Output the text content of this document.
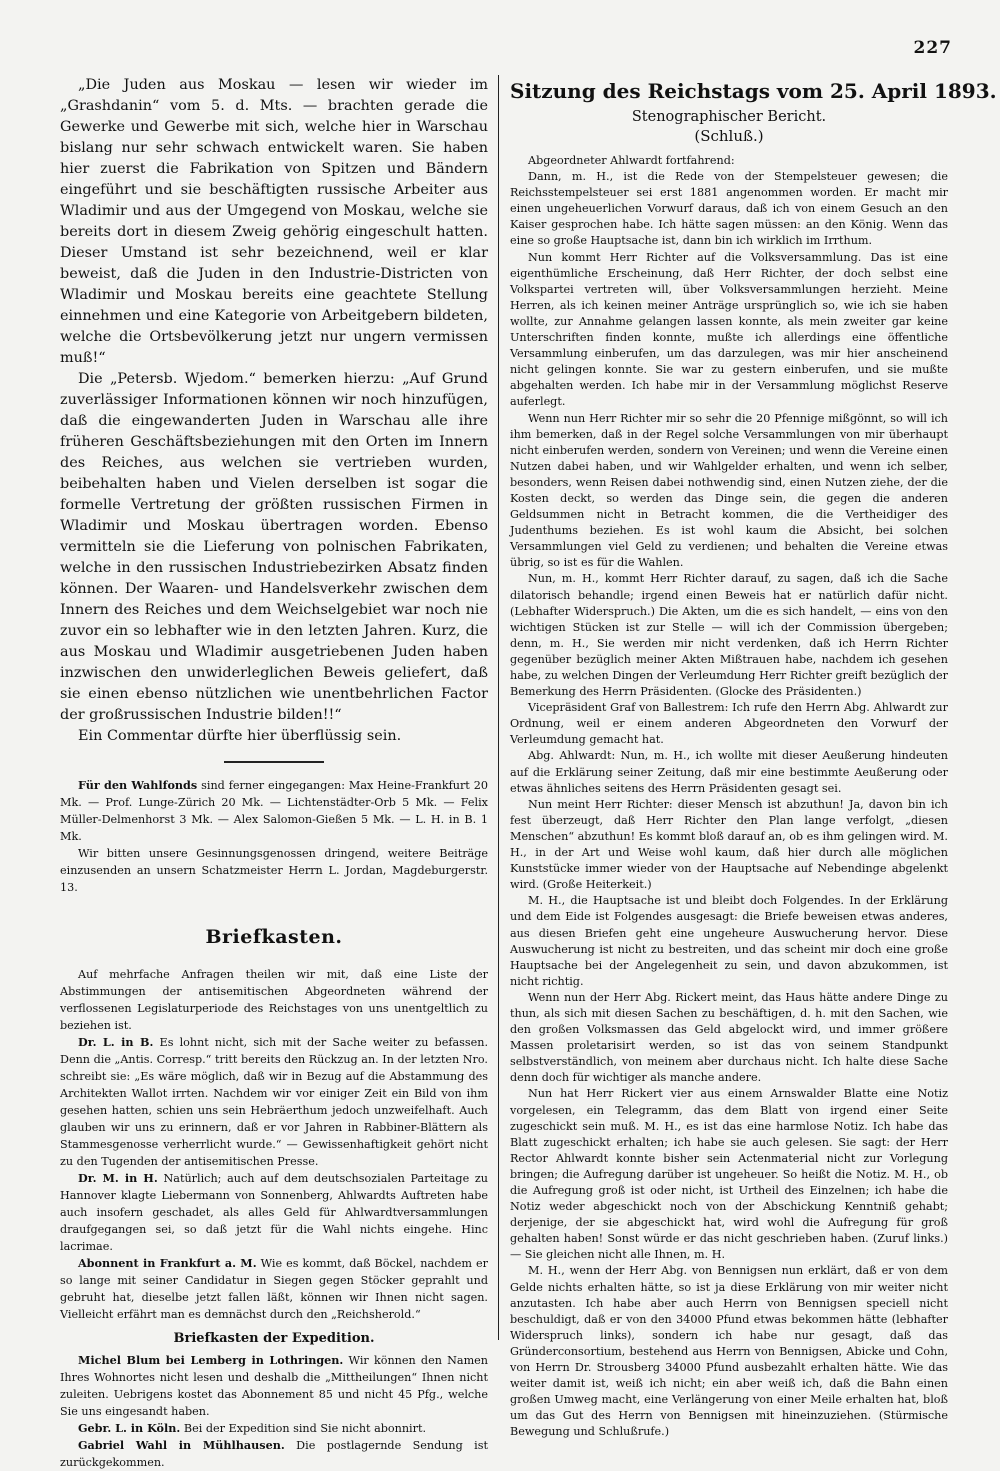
227

„Die Juden aus Moskau — lesen wir wieder im „Grashdanin“ vom 5. d. Mts. — brachten gerade die Gewerke und Gewerbe mit sich, welche hier in Warschau bislang nur sehr schwach entwickelt waren. Sie haben hier zuerst die Fabrikation von Spitzen und Bändern eingeführt und sie beschäftigten russische Arbeiter aus Wladimir und aus der Umgegend von Moskau, welche sie bereits dort in diesem Zweig gehörig eingeschult hatten. Dieser Umstand ist sehr bezeichnend, weil er klar beweist, daß die Juden in den Industrie-Districten von Wladimir und Moskau bereits eine geachtete Stellung einnehmen und eine Kategorie von Arbeitgebern bildeten, welche die Ortsbevölkerung jetzt nur ungern vermissen muß!“

Die „Petersb. Wjedom.“ bemerken hierzu: „Auf Grund zuverlässiger Informationen können wir noch hinzufügen, daß die eingewanderten Juden in Warschau alle ihre früheren Geschäftsbeziehungen mit den Orten im Innern des Reiches, aus welchen sie vertrieben wurden, beibehalten haben und Vielen derselben ist sogar die formelle Vertretung der größten russischen Firmen in Wladimir und Moskau übertragen worden. Ebenso vermitteln sie die Lieferung von polnischen Fabrikaten, welche in den russischen Industriebezirken Absatz finden können. Der Waaren- und Handelsverkehr zwischen dem Innern des Reiches und dem Weichselgebiet war noch nie zuvor ein so lebhafter wie in den letzten Jahren. Kurz, die aus Moskau und Wladimir ausgetriebenen Juden haben inzwischen den unwiderleglichen Beweis geliefert, daß sie einen ebenso nützlichen wie unentbehrlichen Factor der großrussischen Industrie bilden!!“

Ein Commentar dürfte hier überflüssig sein.

Für den Wahlfonds sind ferner eingegangen: Max Heine-Frankfurt 20 Mk. — Prof. Lunge-Zürich 20 Mk. — Lichtenstädter-Orb 5 Mk. — Felix Müller-Delmenhorst 3 Mk. — Alex Salomon-Gießen 5 Mk. — L. H. in B. 1 Mk.

Wir bitten unsere Gesinnungsgenossen dringend, weitere Beiträge einzusenden an unsern Schatzmeister Herrn L. Jordan, Magdeburgerstr. 13.

Briefkasten.

Auf mehrfache Anfragen theilen wir mit, daß eine Liste der Abstimmungen der antisemitischen Abgeordneten während der verflossenen Legislaturperiode des Reichstages von uns unentgeltlich zu beziehen ist.

Dr. L. in B. Es lohnt nicht, sich mit der Sache weiter zu befassen. Denn die „Antis. Corresp.“ tritt bereits den Rückzug an. In der letzten Nro. schreibt sie: „Es wäre möglich, daß wir in Bezug auf die Abstammung des Architekten Wallot irrten. Nachdem wir vor einiger Zeit ein Bild von ihm gesehen hatten, schien uns sein Hebräerthum jedoch unzweifelhaft. Auch glauben wir uns zu erinnern, daß er vor Jahren in Rabbiner-Blättern als Stammesgenosse verherrlicht wurde.“ — Gewissenhaftigkeit gehört nicht zu den Tugenden der antisemitischen Presse.

Dr. M. in H. Natürlich; auch auf dem deutschsozialen Parteitage zu Hannover klagte Liebermann von Sonnenberg, Ahlwardts Auftreten habe auch insofern geschadet, als alles Geld für Ahlwardtversammlungen draufgegangen sei, so daß jetzt für die Wahl nichts eingehe. Hinc lacrimae.

Abonnent in Frankfurt a. M. Wie es kommt, daß Böckel, nachdem er so lange mit seiner Candidatur in Siegen gegen Stöcker geprahlt und gebruht hat, dieselbe jetzt fallen läßt, können wir Ihnen nicht sagen. Vielleicht erfährt man es demnächst durch den „Reichsherold.“

Briefkasten der Expedition.

Michel Blum bei Lemberg in Lothringen. Wir können den Namen Ihres Wohnortes nicht lesen und deshalb die „Mittheilungen“ Ihnen nicht zuleiten. Uebrigens kostet das Abonnement 85 und nicht 45 Pfg., welche Sie uns eingesandt haben.

Gebr. L. in Köln. Bei der Expedition sind Sie nicht abonnirt.

Gabriel Wahl in Mühlhausen. Die postlagernde Sendung ist zurückgekommen.

Sitzung des Reichstags vom 25. April 1893.
Stenographischer Bericht.
(Schluß.)

Abgeordneter Ahlwardt fortfahrend:

Dann, m. H., ist die Rede von der Stempelsteuer gewesen; die Reichsstempelsteuer sei erst 1881 angenommen worden. Er macht mir einen ungeheuerlichen Vorwurf daraus, daß ich von einem Gesuch an den Kaiser gesprochen habe. Ich hätte sagen müssen: an den König. Wenn das eine so große Hauptsache ist, dann bin ich wirklich im Irrthum.

Nun kommt Herr Richter auf die Volksversammlung. Das ist eine eigenthümliche Erscheinung, daß Herr Richter, der doch selbst eine Volkspartei vertreten will, über Volksversammlungen herzieht. Meine Herren, als ich keinen meiner Anträge ursprünglich so, wie ich sie haben wollte, zur Annahme gelangen lassen konnte, als mein zweiter gar keine Unterschriften finden konnte, mußte ich allerdings eine öffentliche Versammlung einberufen, um das darzulegen, was mir hier anscheinend nicht gelingen konnte. Sie war zu gestern einberufen, und sie mußte abgehalten werden. Ich habe mir in der Versammlung möglichst Reserve auferlegt.

Wenn nun Herr Richter mir so sehr die 20 Pfennige mißgönnt, so will ich ihm bemerken, daß in der Regel solche Versammlungen von mir überhaupt nicht einberufen werden, sondern von Vereinen; und wenn die Vereine einen Nutzen dabei haben, und wir Wahlgelder erhalten, und wenn ich selber, besonders, wenn Reisen dabei nothwendig sind, einen Nutzen ziehe, der die Kosten deckt, so werden das Dinge sein, die gegen die anderen Geldsummen nicht in Betracht kommen, die die Vertheidiger des Judenthums beziehen. Es ist wohl kaum die Absicht, bei solchen Versammlungen viel Geld zu verdienen; und behalten die Vereine etwas übrig, so ist es für die Wahlen.

Nun, m. H., kommt Herr Richter darauf, zu sagen, daß ich die Sache dilatorisch behandle; irgend einen Beweis hat er natürlich dafür nicht. (Lebhafter Widerspruch.) Die Akten, um die es sich handelt, — eins von den wichtigen Stücken ist zur Stelle — will ich der Commission übergeben; denn, m. H., Sie werden mir nicht verdenken, daß ich Herrn Richter gegenüber bezüglich meiner Akten Mißtrauen habe, nachdem ich gesehen habe, zu welchen Dingen der Verleumdung Herr Richter greift bezüglich der Bemerkung des Herrn Präsidenten. (Glocke des Präsidenten.)

Vicepräsident Graf von Ballestrem: Ich rufe den Herrn Abg. Ahlwardt zur Ordnung, weil er einem anderen Abgeordneten den Vorwurf der Verleumdung gemacht hat.

Abg. Ahlwardt: Nun, m. H., ich wollte mit dieser Aeußerung hindeuten auf die Erklärung seiner Zeitung, daß mir eine bestimmte Aeußerung oder etwas ähnliches seitens des Herrn Präsidenten gesagt sei.

Nun meint Herr Richter: dieser Mensch ist abzuthun! Ja, davon bin ich fest überzeugt, daß Herr Richter den Plan lange verfolgt, „diesen Menschen“ abzuthun! Es kommt bloß darauf an, ob es ihm gelingen wird. M. H., in der Art und Weise wohl kaum, daß hier durch alle möglichen Kunststücke immer wieder von der Hauptsache auf Nebendinge abgelenkt wird. (Große Heiterkeit.)

M. H., die Hauptsache ist und bleibt doch Folgendes. In der Erklärung und dem Eide ist Folgendes ausgesagt: die Briefe beweisen etwas anderes, aus diesen Briefen geht eine ungeheure Auswucherung hervor. Diese Auswucherung ist nicht zu bestreiten, und das scheint mir doch eine große Hauptsache bei der Angelegenheit zu sein, und davon abzukommen, ist nicht richtig.

Wenn nun der Herr Abg. Rickert meint, das Haus hätte andere Dinge zu thun, als sich mit diesen Sachen zu beschäftigen, d. h. mit den Sachen, wie den großen Volksmassen das Geld abgelockt wird, und immer größere Massen proletarisirt werden, so ist das von seinem Standpunkt selbstverständlich, von meinem aber durchaus nicht. Ich halte diese Sache denn doch für wichtiger als manche andere.

Nun hat Herr Rickert vier aus einem Arnswalder Blatte eine Notiz vorgelesen, ein Telegramm, das dem Blatt von irgend einer Seite zugeschickt sein muß. M. H., es ist das eine harmlose Notiz. Ich habe das Blatt zugeschickt erhalten; ich habe sie auch gelesen. Sie sagt: der Herr Rector Ahlwardt konnte bisher sein Actenmaterial nicht zur Vorlegung bringen; die Aufregung darüber ist ungeheuer. So heißt die Notiz. M. H., ob die Aufregung groß ist oder nicht, ist Urtheil des Einzelnen; ich habe die Notiz weder abgeschickt noch von der Abschickung Kenntniß gehabt; derjenige, der sie abgeschickt hat, wird wohl die Aufregung für groß gehalten haben! Sonst würde er das nicht geschrieben haben. (Zuruf links.) — Sie gleichen nicht alle Ihnen, m. H.

M. H., wenn der Herr Abg. von Bennigsen nun erklärt, daß er von dem Gelde nichts erhalten hätte, so ist ja diese Erklärung von mir weiter nicht anzutasten. Ich habe aber auch Herrn von Bennigsen speciell nicht beschuldigt, daß er von den 34000 Pfund etwas bekommen hätte (lebhafter Widerspruch links), sondern ich habe nur gesagt, daß das Gründerconsortium, bestehend aus Herrn von Bennigsen, Abicke und Cohn, von Herrn Dr. Strousberg 34000 Pfund ausbezahlt erhalten hätte. Wie das weiter damit ist, weiß ich nicht; ein aber weiß ich, daß die Bahn einen großen Umweg macht, eine Verlängerung von einer Meile erhalten hat, bloß um das Gut des Herrn von Bennigsen mit hineinzuziehen. (Stürmische Bewegung und Schlußrufe.)
